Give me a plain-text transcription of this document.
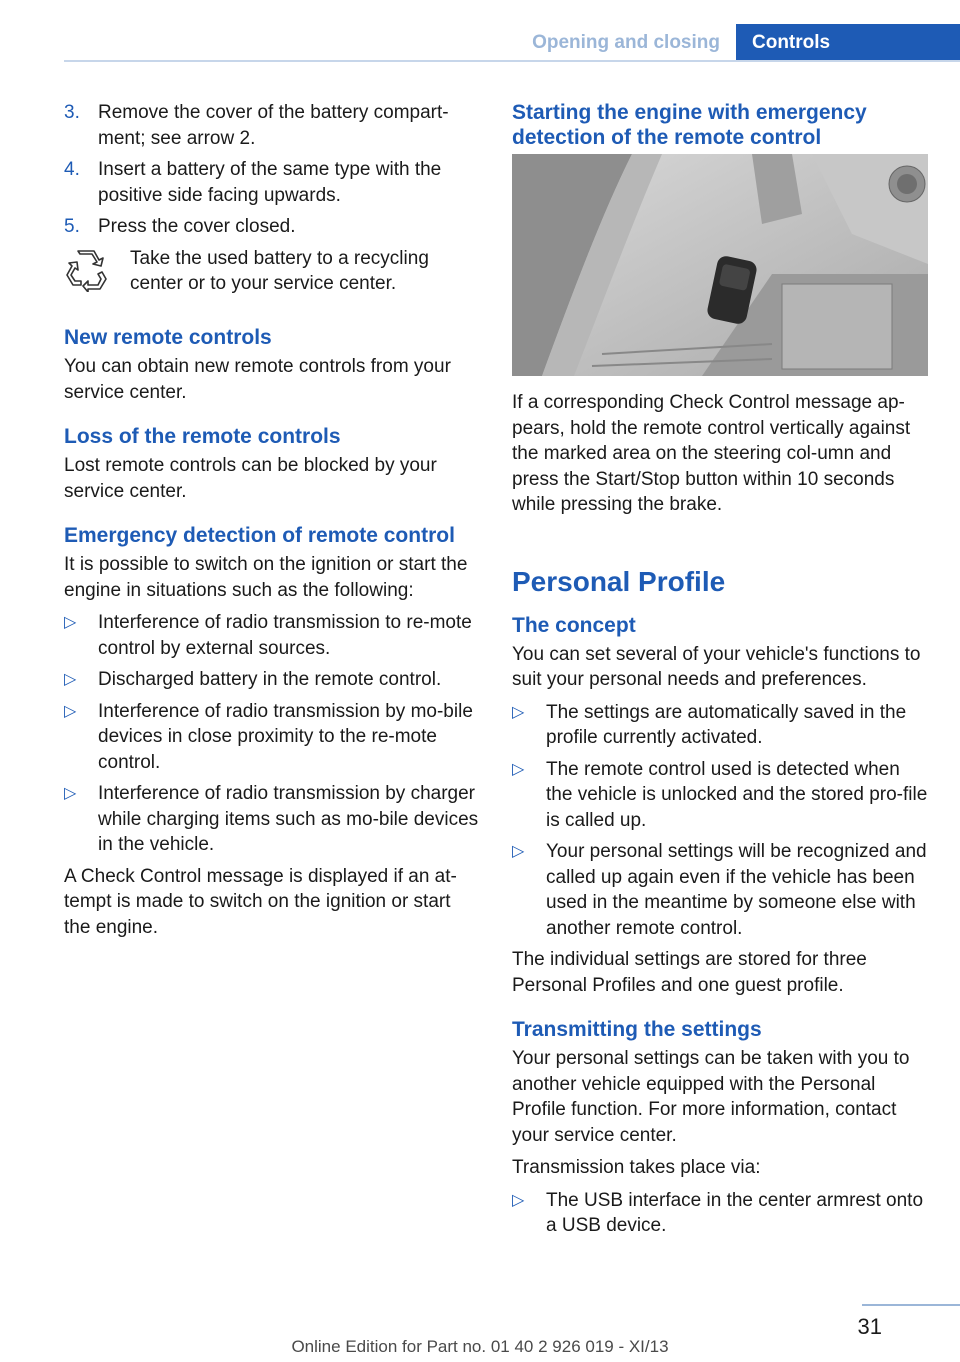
Opening and closing	Controls
3. Remove the cover of the battery compart‐ment; see arrow 2.
4. Insert a battery of the same type with the positive side facing upwards.
5. Press the cover closed.
Take the used battery to a recycling center or to your service center.
New remote controls

You can obtain new remote controls from your service center.

Loss of the remote controls

Lost remote controls can be blocked by your service center.

Emergency detection of remote control

It is possible to switch on the ignition or start the engine in situations such as the following:

▷	Interference of radio transmission to re‐mote control by external sources.
▷	Discharged battery in the remote control.
▷	Interference of radio transmission by mo‐bile devices in close proximity to the re‐mote control.
▷	Interference of radio transmission by charger while charging items such as mo‐bile devices in the vehicle.

A Check Control message is displayed if an at‐tempt is made to switch on the ignition or start the engine.

Starting the engine with emergency detection of the remote control

If a corresponding Check Control message ap‐pears, hold the remote control vertically against the marked area on the steering col‐umn and press the Start/Stop button within 10 seconds while pressing the brake.

Personal Profile
The concept

You can set several of your vehicle's functions to suit your personal needs and preferences.

▷	The settings are automatically saved in the profile currently activated.
▷	The remote control used is detected when the vehicle is unlocked and the stored pro‐file is called up.
▷	Your personal settings will be recognized and called up again even if the vehicle has been used in the meantime by someone else with another remote control.

The individual settings are stored for three Personal Profiles and one guest profile.

Transmitting the settings

Your personal settings can be taken with you to another vehicle equipped with the Personal Profile function. For more information, contact your service center.

Transmission takes place via:

▷	The USB interface in the center armrest onto a USB device.
31
Online Edition for Part no. 01 40 2 926 019 - XI/13
